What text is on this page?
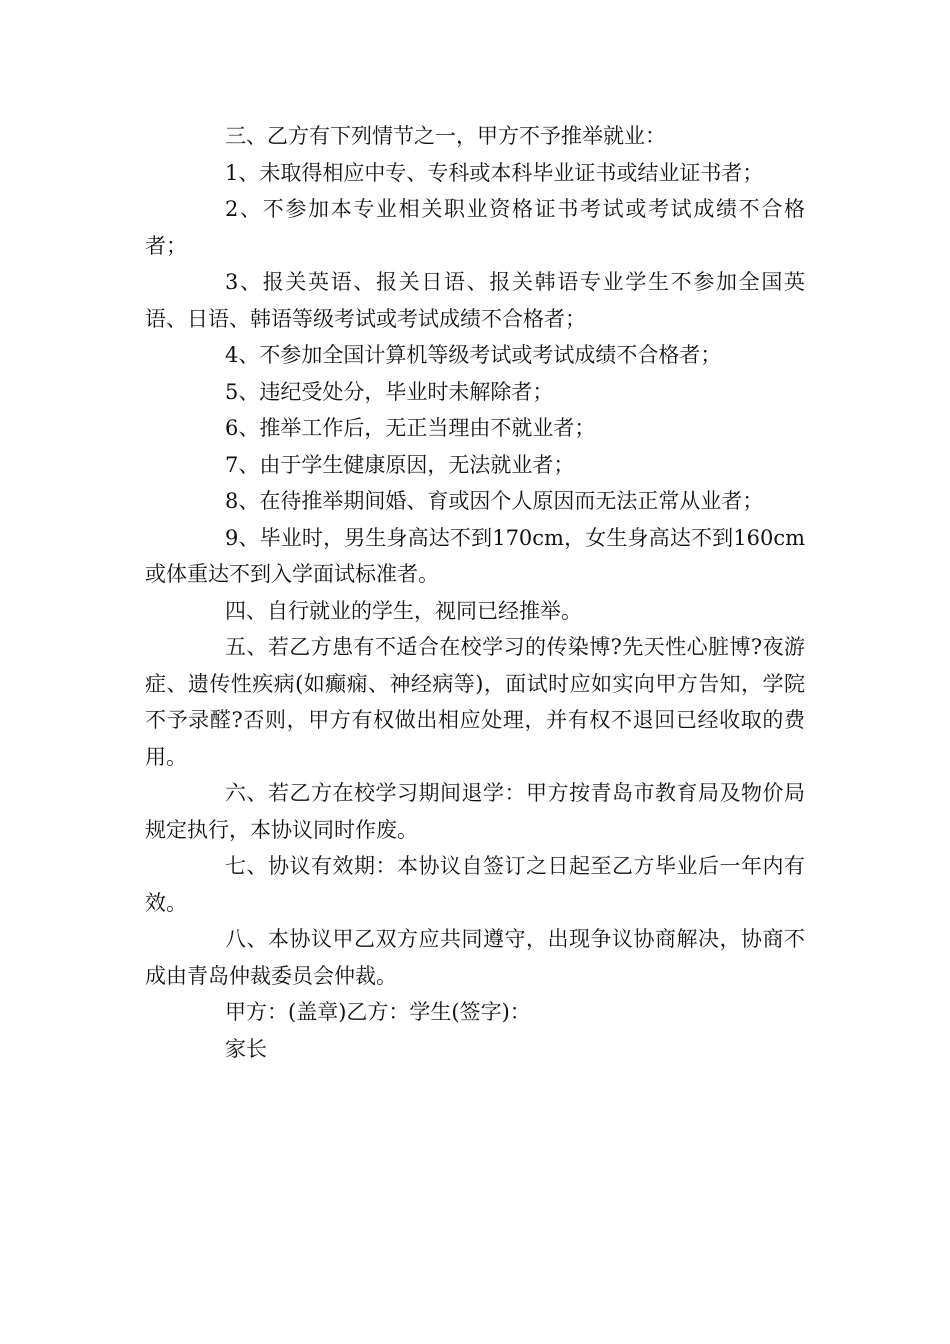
三、乙方有下列情节之一，甲方不予推举就业：

1、未取得相应中专、专科或本科毕业证书或结业证书者；

2、不参加本专业相关职业资格证书考试或考试成绩不合格者；

3、报关英语、报关日语、报关韩语专业学生不参加全国英语、日语、韩语等级考试或考试成绩不合格者；

4、不参加全国计算机等级考试或考试成绩不合格者；

5、违纪受处分，毕业时未解除者；

6、推举工作后，无正当理由不就业者；

7、由于学生健康原因，无法就业者；

8、在待推举期间婚、育或因个人原因而无法正常从业者；

9、毕业时，男生身高达不到170cm，女生身高达不到160cm或体重达不到入学面试标准者。

四、自行就业的学生，视同已经推举。

五、若乙方患有不适合在校学习的传染博?先天性心脏博?夜游症、遗传性疾病(如癫痫、神经病等)，面试时应如实向甲方告知，学院不予录醛?否则，甲方有权做出相应处理，并有权不退回已经收取的费用。

六、若乙方在校学习期间退学：甲方按青岛市教育局及物价局规定执行，本协议同时作废。

七、协议有效期：本协议自签订之日起至乙方毕业后一年内有效。

八、本协议甲乙双方应共同遵守，出现争议协商解决，协商不成由青岛仲裁委员会仲裁。

甲方：(盖章)乙方：学生(签字)：

家长
